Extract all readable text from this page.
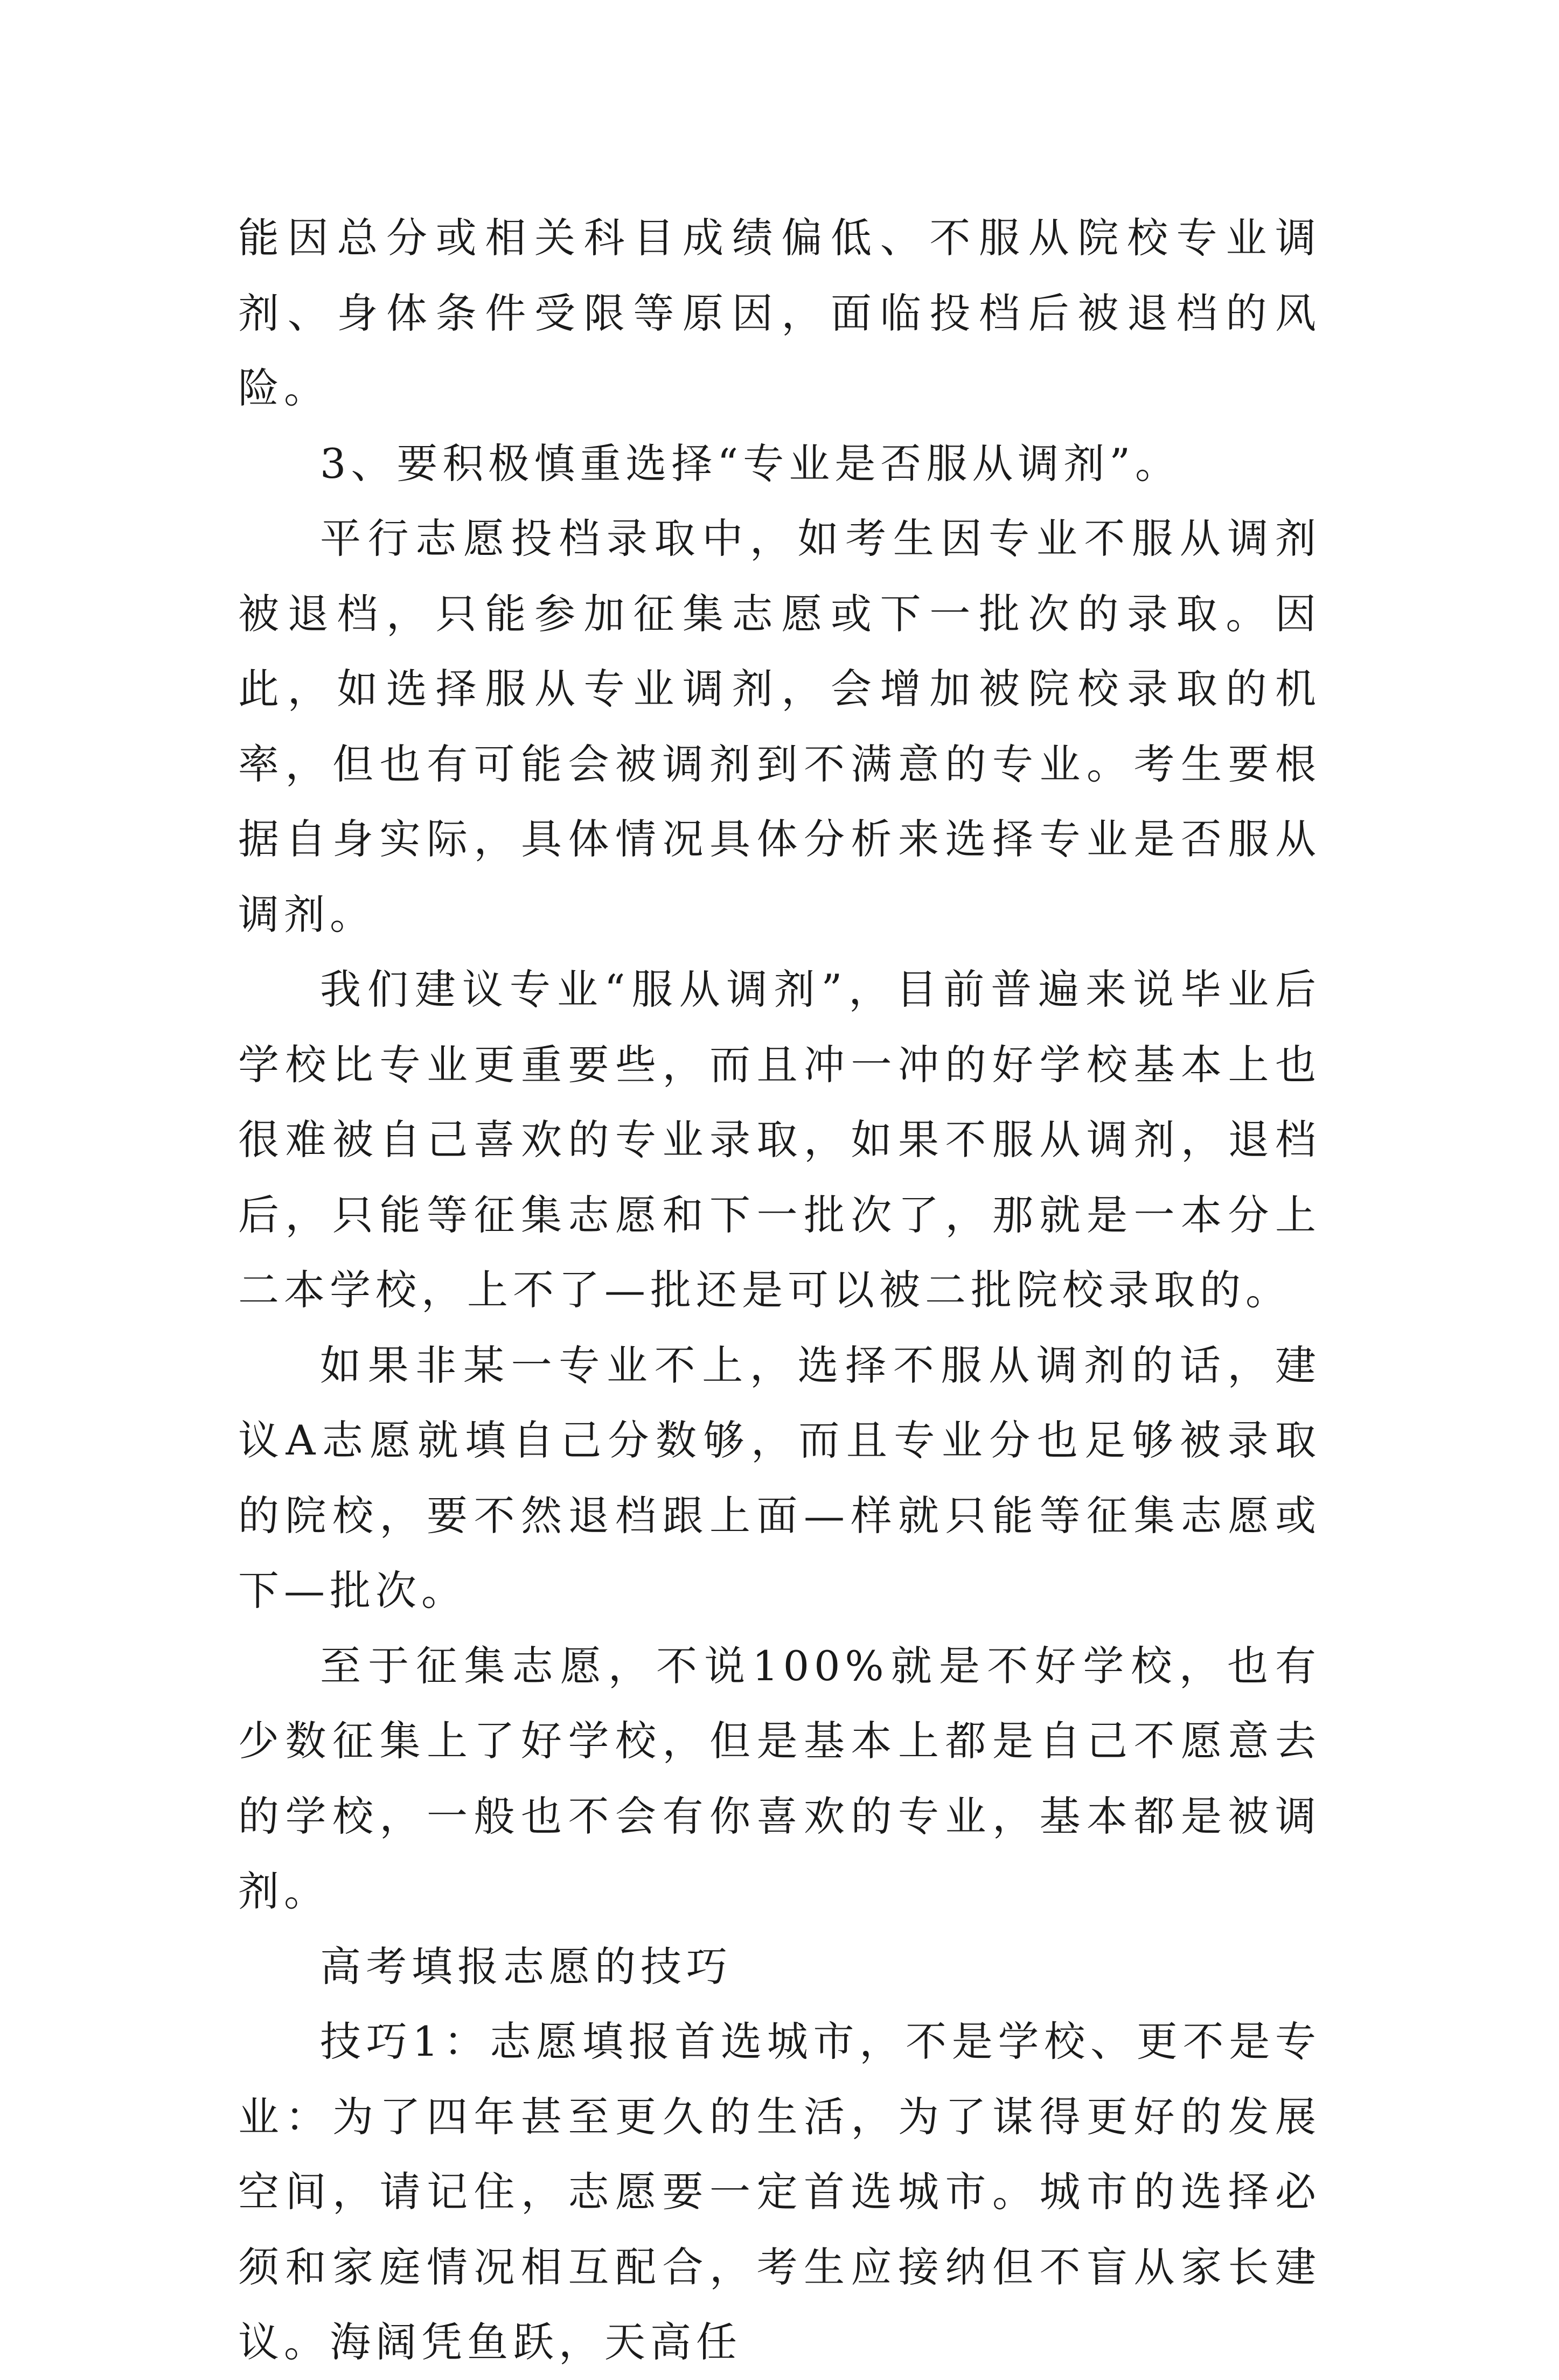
能因总分或相关科目成绩偏低、不服从院校专业调剂、身体条件受限等原因，面临投档后被退档的风险。

3、要积极慎重选择“专业是否服从调剂”。

平行志愿投档录取中，如考生因专业不服从调剂被退档，只能参加征集志愿或下一批次的录取。因此，如选择服从专业调剂，会增加被院校录取的机率，但也有可能会被调剂到不满意的专业。考生要根据自身实际，具体情况具体分析来选择专业是否服从调剂。

我们建议专业“服从调剂”，目前普遍来说毕业后学校比专业更重要些，而且冲一冲的好学校基本上也很难被自己喜欢的专业录取，如果不服从调剂，退档后，只能等征集志愿和下一批次了，那就是一本分上二本学校，上不了—批还是可以被二批院校录取的。

如果非某一专业不上，选择不服从调剂的话，建议A志愿就填自己分数够，而且专业分也足够被录取的院校，要不然退档跟上面—样就只能等征集志愿或下—批次。

至于征集志愿，不说100%就是不好学校，也有少数征集上了好学校，但是基本上都是自己不愿意去的学校，一般也不会有你喜欢的专业，基本都是被调剂。

高考填报志愿的技巧

技巧1：志愿填报首选城市，不是学校、更不是专业：为了四年甚至更久的生活，为了谋得更好的发展空间，请记住，志愿要一定首选城市。城市的选择必须和家庭情况相互配合，考生应接纳但不盲从家长建议。海阔凭鱼跃，天高任
